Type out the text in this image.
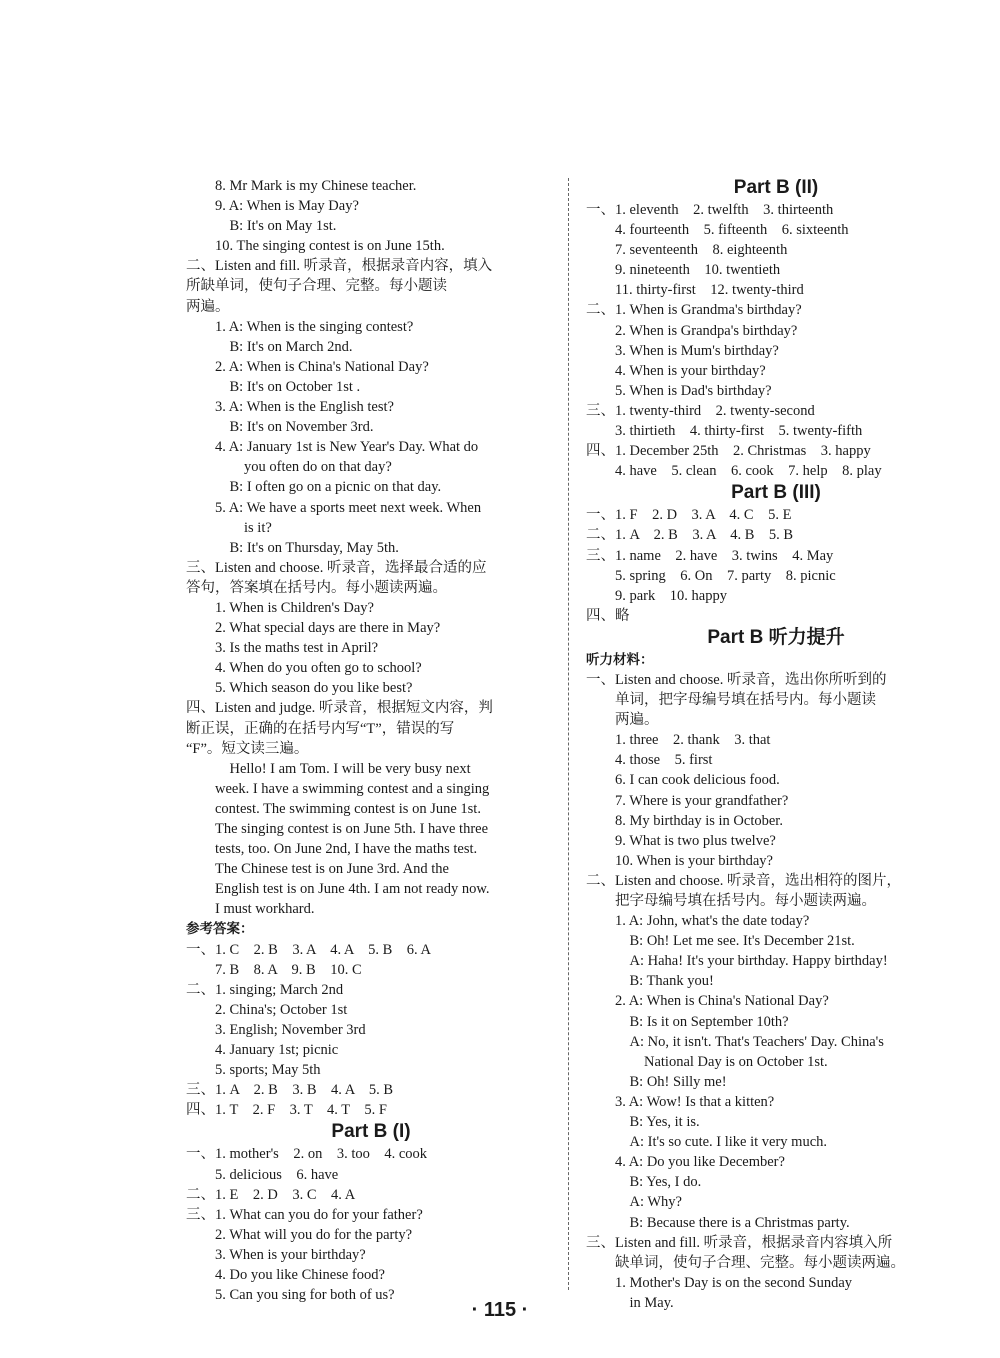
　　8. Mr Mark is my Chinese teacher.
　　9. A: When is May Day?
　　　B: It's on May 1st.
　　10. The singing contest is on June 15th.
二、Listen and fill. 听录音，根据录音内容，填入
所缺单词，使句子合理、完整。每小题读
两遍。
　　1. A: When is the singing contest?
　　　B: It's on March 2nd.
　　2. A: When is China's National Day?
　　　B: It's on October 1st .
　　3. A: When is the English test?
　　　B: It's on November 3rd.
　　4. A: January 1st is New Year's Day. What do
　　　　you often do on that day?
　　　B: I often go on a picnic on that day.
　　5. A: We have a sports meet next week. When
　　　　is it?
　　　B: It's on Thursday, May 5th.
三、Listen and choose. 听录音，选择最合适的应
答句，答案填在括号内。每小题读两遍。
　　1. When is Children's Day?
　　2. What special days are there in May?
　　3. Is the maths test in April?
　　4. When do you often go to school?
　　5. Which season do you like best?
四、Listen and judge. 听录音，根据短文内容，判
断正误，正确的在括号内写“T”，错误的写
“F”。短文读三遍。
　　　Hello! I am Tom. I will be very busy next
　　week. I have a swimming contest and a singing
　　contest. The swimming contest is on June 1st.
　　The singing contest is on June 5th. I have three
　　tests, too. On June 2nd, I have the maths test.
　　The Chinese test is on June 3rd. And the
　　English test is on June 4th. I am not ready now.
　　I must workhard.
参考答案：
一、1. C　2. B　3. A　4. A　5. B　6. A
　　7. B　8. A　9. B　10. C
二、1. singing; March 2nd
　　2. China's; October 1st
　　3. English; November 3rd
　　4. January 1st; picnic
　　5. sports; May 5th
三、1. A　2. B　3. B　4. A　5. B
四、1. T　2. F　3. T　4. T　5. F
Part B (I)
一、1. mother's　2. on　3. too　4. cook
　　5. delicious　6. have
二、1. E　2. D　3. C　4. A
三、1. What can you do for your father?
　　2. What will you do for the party?
　　3. When is your birthday?
　　4. Do you like Chinese food?
　　5. Can you sing for both of us?
Part B (II)
一、1. eleventh　2. twelfth　3. thirteenth
　　4. fourteenth　5. fifteenth　6. sixteenth
　　7. seventeenth　8. eighteenth
　　9. nineteenth　10. twentieth
　　11. thirty-first　12. twenty-third
二、1. When is Grandma's birthday?
　　2. When is Grandpa's birthday?
　　3. When is Mum's birthday?
　　4. When is your birthday?
　　5. When is Dad's birthday?
三、1. twenty-third　2. twenty-second
　　3. thirtieth　4. thirty-first　5. twenty-fifth
四、1. December 25th　2. Christmas　3. happy
　　4. have　5. clean　6. cook　7. help　8. play
Part B (III)
一、1. F　2. D　3. A　4. C　5. E
二、1. A　2. B　3. A　4. B　5. B
三、1. name　2. have　3. twins　4. May
　　5. spring　6. On　7. party　8. picnic
　　9. park　10. happy
四、略
Part B 听力提升
听力材料：
一、Listen and choose. 听录音，选出你所听到的
　　单词，把字母编号填在括号内。每小题读
　　两遍。
　　1. three　2. thank　3. that
　　4. those　5. first
　　6. I can cook delicious food.
　　7. Where is your grandfather?
　　8. My birthday is in October.
　　9. What is two plus twelve?
　　10. When is your birthday?
二、Listen and choose. 听录音，选出相符的图片，
　　把字母编号填在括号内。每小题读两遍。
　　1. A: John, what's the date today?
　　　B: Oh! Let me see. It's December 21st.
　　　A: Haha! It's your birthday. Happy birthday!
　　　B: Thank you!
　　2. A: When is China's National Day?
　　　B: Is it on September 10th?
　　　A: No, it isn't. That's Teachers' Day. China's
　　　　National Day is on October 1st.
　　　B: Oh! Silly me!
　　3. A: Wow! Is that a kitten?
　　　B: Yes, it is.
　　　A: It's so cute. I like it very much.
　　4. A: Do you like December?
　　　B: Yes, I do.
　　　A: Why?
　　　B: Because there is a Christmas party.
三、Listen and fill. 听录音，根据录音内容填入所
　　缺单词，使句子合理、完整。每小题读两遍。
　　1. Mother's Day is on the second Sunday
　　　in May.
· 115 ·
